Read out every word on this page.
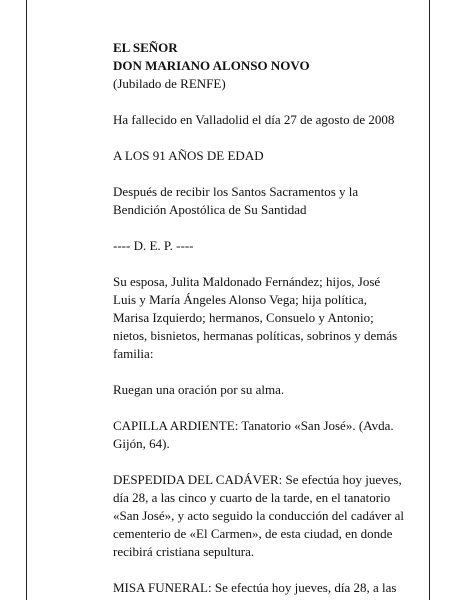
EL SEÑOR

DON MARIANO ALONSO NOVO

(Jubilado de RENFE)

Ha fallecido en Valladolid el día 27 de agosto de 2008

A LOS 91 AÑOS DE EDAD

Después de recibir los Santos Sacramentos y la
Bendición Apostólica de Su Santidad

---- D. E. P. ----

Su esposa, Julita Maldonado Fernández; hijos, José
Luis y María Ángeles Alonso Vega; hija política,
Marisa Izquierdo; hermanos, Consuelo y Antonio;
nietos, bisnietos, hermanas políticas, sobrinos y demás
familia:

Ruegan una oración por su alma.

CAPILLA ARDIENTE: Tanatorio «San José». (Avda.
Gijón, 64).

DESPEDIDA DEL CADÁVER: Se efectúa hoy jueves,
día 28, a las cinco y cuarto de la tarde, en el tanatorio
«San José», y acto seguido la conducción del cadáver al
cementerio de «El Carmen», de esta ciudad, en donde
recibirá cristiana sepultura.

MISA FUNERAL: Se efectúa hoy jueves, día 28, a las
